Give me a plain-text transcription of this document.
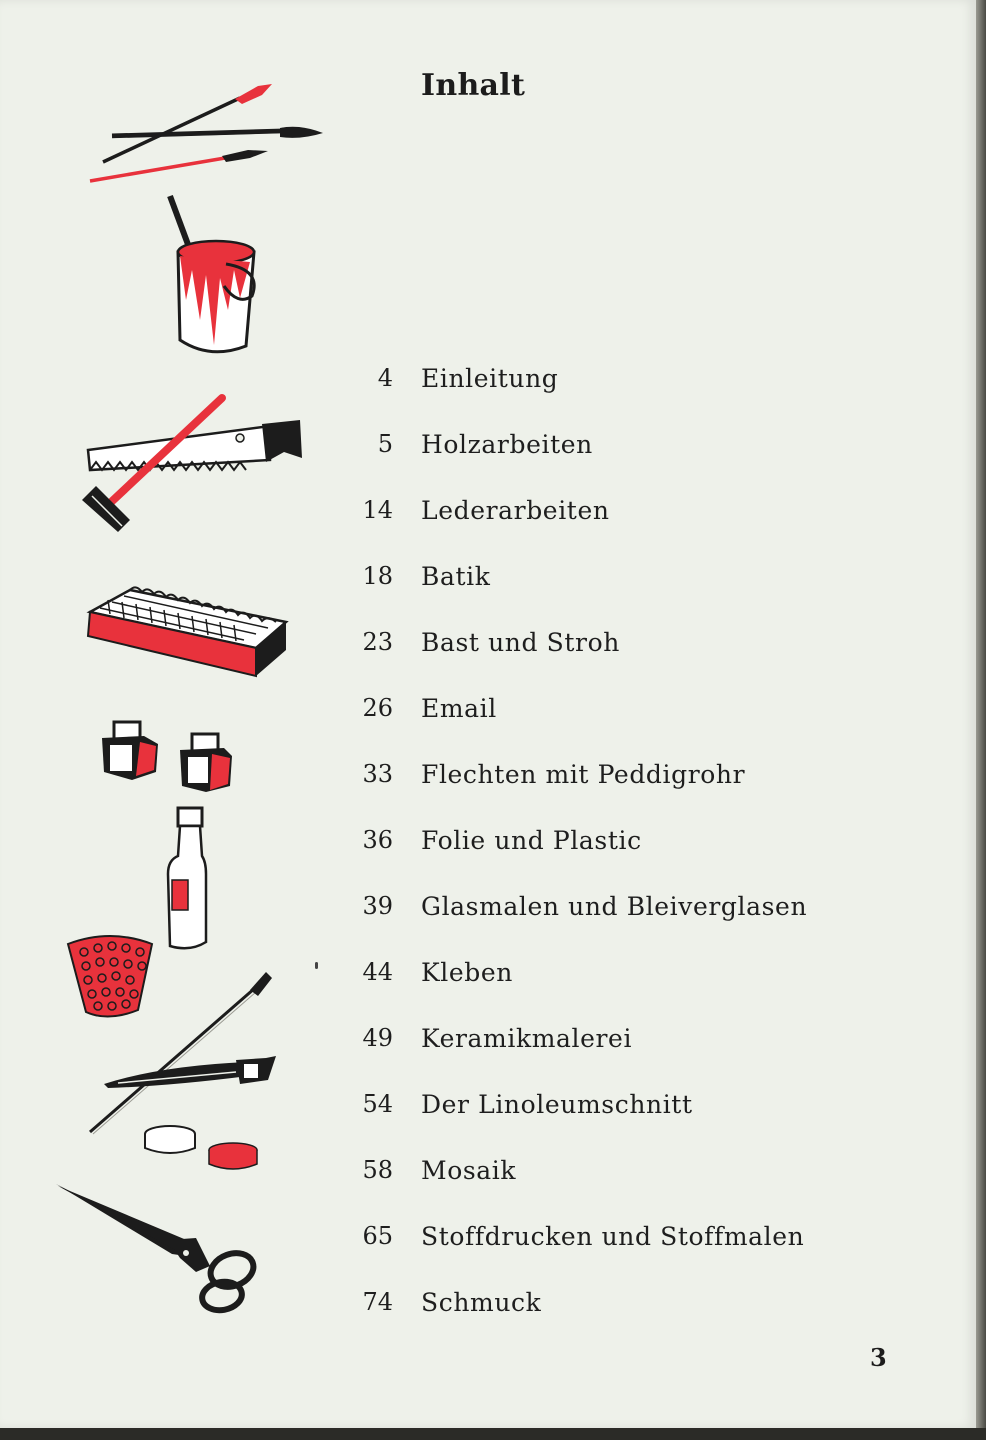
Inhalt
4 Einleitung
5 Holzarbeiten
14 Lederarbeiten
18 Batik
23 Bast und Stroh
26 Email
33 Flechten mit Peddigrohr
36 Folie und Plastic
39 Glasmalen und Bleiverglasen
44 Kleben
49 Keramikmalerei
54 Der Linoleumschnitt
58 Mosaik
65 Stoffdrucken und Stoffmalen
74 Schmuck
3
